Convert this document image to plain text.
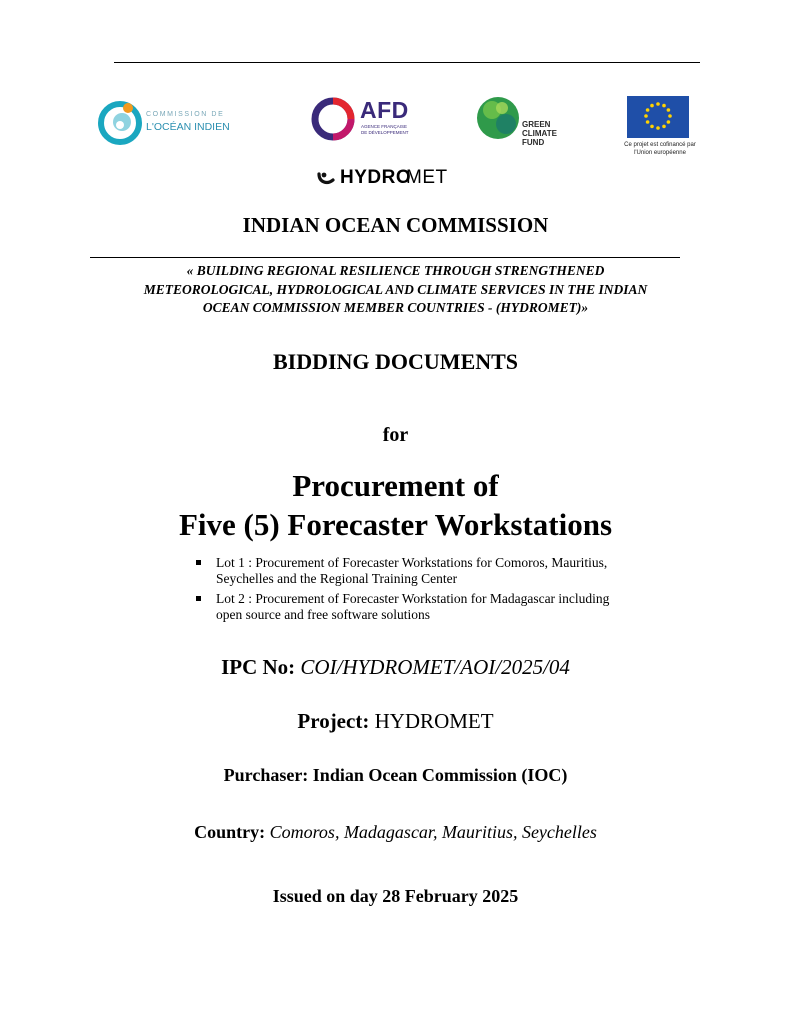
COMMISSION DE
L'OCÉAN INDIEN
AFD
AGENCE FRANÇAISE
DE DÉVELOPPEMENT
GREEN
CLIMATE
FUND	Ce projet est cofinancé par
l'Union européenne
HYDRO
MET
INDIAN OCEAN COMMISSION
« BUILDING REGIONAL RESILIENCE THROUGH STRENGTHENED
METEOROLOGICAL, HYDROLOGICAL AND CLIMATE SERVICES IN THE INDIAN
OCEAN COMMISSION MEMBER COUNTRIES - (HYDROMET)»
BIDDING DOCUMENTS
for
Procurement of
Five (5) Forecaster Workstations
Lot 1 : Procurement of Forecaster Workstations for Comoros, Mauritius,
Seychelles and the Regional Training Center
Lot 2 : Procurement of Forecaster Workstation for Madagascar including
open source and free software solutions
IPC No: COI/HYDROMET/AOI/2025/04
Project: HYDROMET
Purchaser: Indian Ocean Commission (IOC)
Country: Comoros, Madagascar, Mauritius, Seychelles
Issued on day 28 February 2025
